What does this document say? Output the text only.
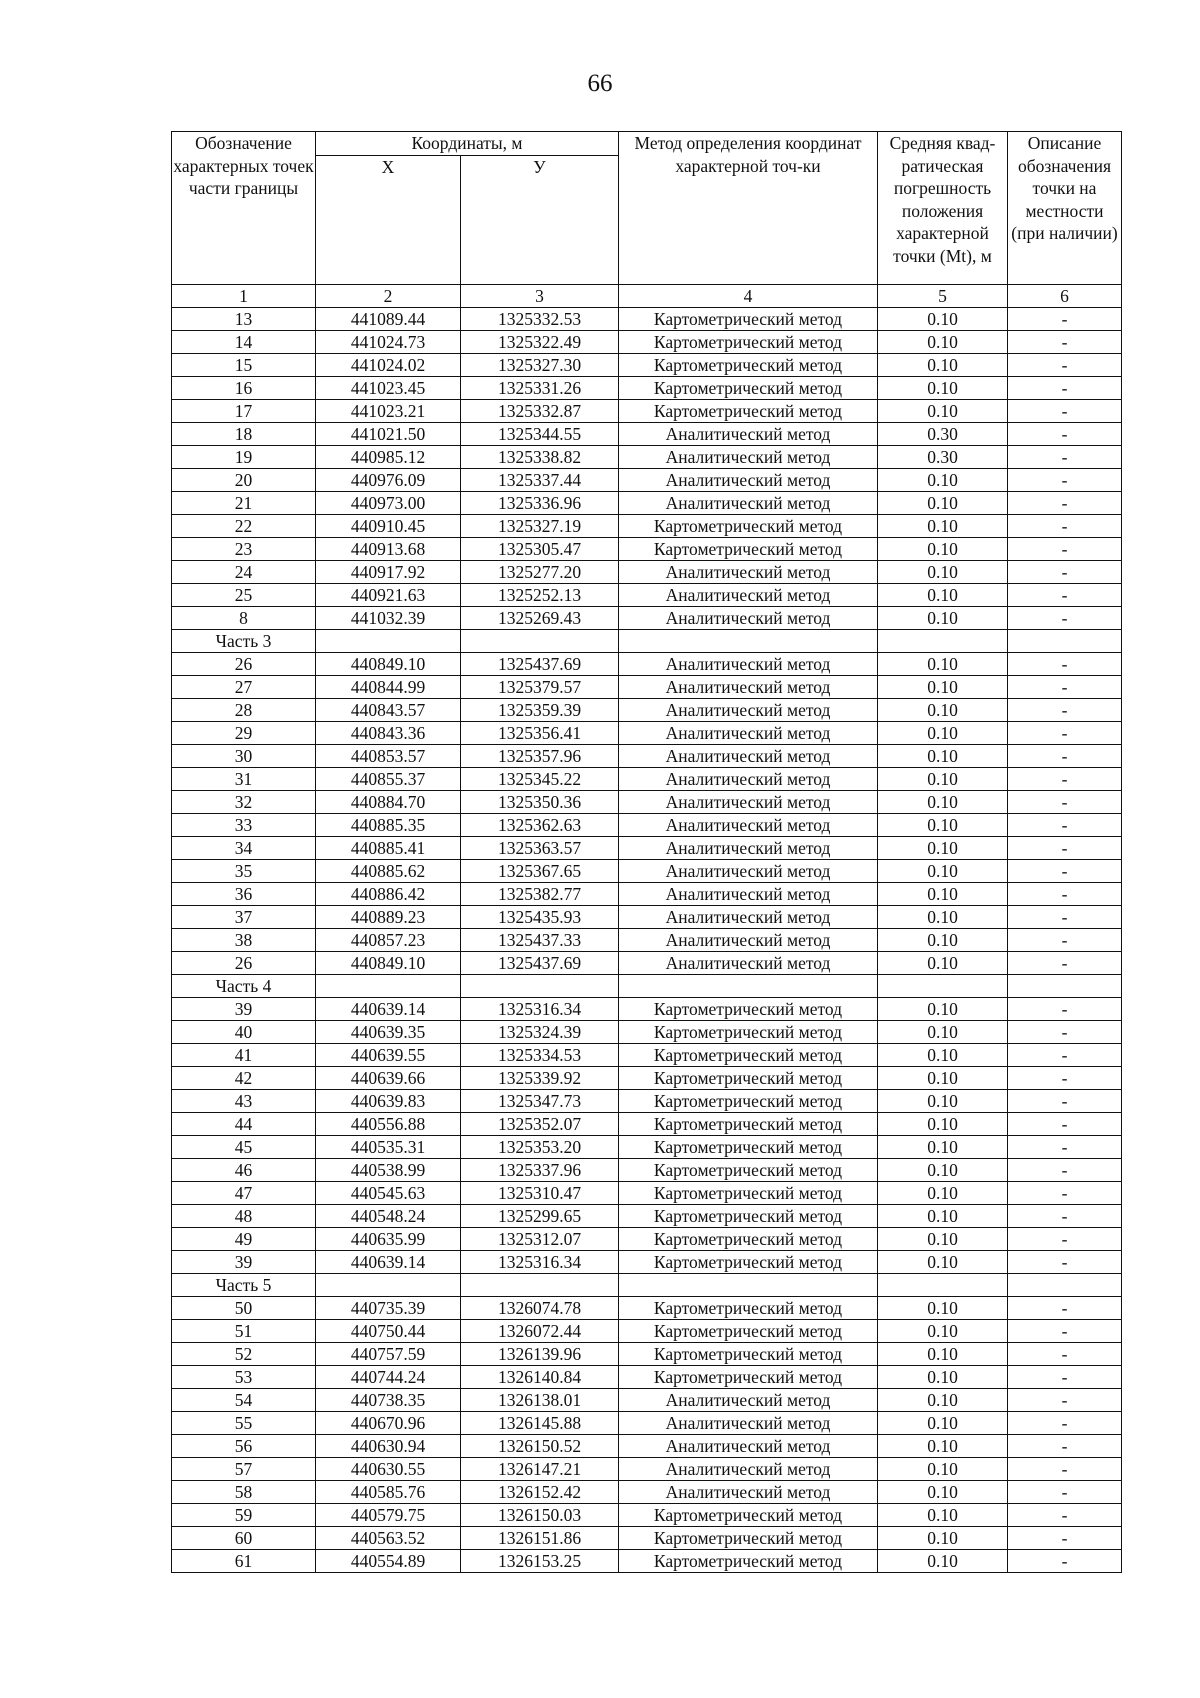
66
Обозначение характерных точек части границы	Координаты, м		Метод определения координат характерной точ-ки	Средняя квад-ратическая погрешность положения характерной точки (Mt), м	Описание обозначения точки на местности (при наличии)
	Х	У			
1	2	3	4	5	6
13	441089.44	1325332.53	Картометрический метод	0.10	-
14	441024.73	1325322.49	Картометрический метод	0.10	-
15	441024.02	1325327.30	Картометрический метод	0.10	-
16	441023.45	1325331.26	Картометрический метод	0.10	-
17	441023.21	1325332.87	Картометрический метод	0.10	-
18	441021.50	1325344.55	Аналитический метод	0.30	-
19	440985.12	1325338.82	Аналитический метод	0.30	-
20	440976.09	1325337.44	Аналитический метод	0.10	-
21	440973.00	1325336.96	Аналитический метод	0.10	-
22	440910.45	1325327.19	Картометрический метод	0.10	-
23	440913.68	1325305.47	Картометрический метод	0.10	-
24	440917.92	1325277.20	Аналитический метод	0.10	-
25	440921.63	1325252.13	Аналитический метод	0.10	-
8	441032.39	1325269.43	Аналитический метод	0.10	-
Часть 3					
26	440849.10	1325437.69	Аналитический метод	0.10	-
27	440844.99	1325379.57	Аналитический метод	0.10	-
28	440843.57	1325359.39	Аналитический метод	0.10	-
29	440843.36	1325356.41	Аналитический метод	0.10	-
30	440853.57	1325357.96	Аналитический метод	0.10	-
31	440855.37	1325345.22	Аналитический метод	0.10	-
32	440884.70	1325350.36	Аналитический метод	0.10	-
33	440885.35	1325362.63	Аналитический метод	0.10	-
34	440885.41	1325363.57	Аналитический метод	0.10	-
35	440885.62	1325367.65	Аналитический метод	0.10	-
36	440886.42	1325382.77	Аналитический метод	0.10	-
37	440889.23	1325435.93	Аналитический метод	0.10	-
38	440857.23	1325437.33	Аналитический метод	0.10	-
26	440849.10	1325437.69	Аналитический метод	0.10	-
Часть 4					
39	440639.14	1325316.34	Картометрический метод	0.10	-
40	440639.35	1325324.39	Картометрический метод	0.10	-
41	440639.55	1325334.53	Картометрический метод	0.10	-
42	440639.66	1325339.92	Картометрический метод	0.10	-
43	440639.83	1325347.73	Картометрический метод	0.10	-
44	440556.88	1325352.07	Картометрический метод	0.10	-
45	440535.31	1325353.20	Картометрический метод	0.10	-
46	440538.99	1325337.96	Картометрический метод	0.10	-
47	440545.63	1325310.47	Картометрический метод	0.10	-
48	440548.24	1325299.65	Картометрический метод	0.10	-
49	440635.99	1325312.07	Картометрический метод	0.10	-
39	440639.14	1325316.34	Картометрический метод	0.10	-
Часть 5					
50	440735.39	1326074.78	Картометрический метод	0.10	-
51	440750.44	1326072.44	Картометрический метод	0.10	-
52	440757.59	1326139.96	Картометрический метод	0.10	-
53	440744.24	1326140.84	Картометрический метод	0.10	-
54	440738.35	1326138.01	Аналитический метод	0.10	-
55	440670.96	1326145.88	Аналитический метод	0.10	-
56	440630.94	1326150.52	Аналитический метод	0.10	-
57	440630.55	1326147.21	Аналитический метод	0.10	-
58	440585.76	1326152.42	Аналитический метод	0.10	-
59	440579.75	1326150.03	Картометрический метод	0.10	-
60	440563.52	1326151.86	Картометрический метод	0.10	-
61	440554.89	1326153.25	Картометрический метод	0.10	-
